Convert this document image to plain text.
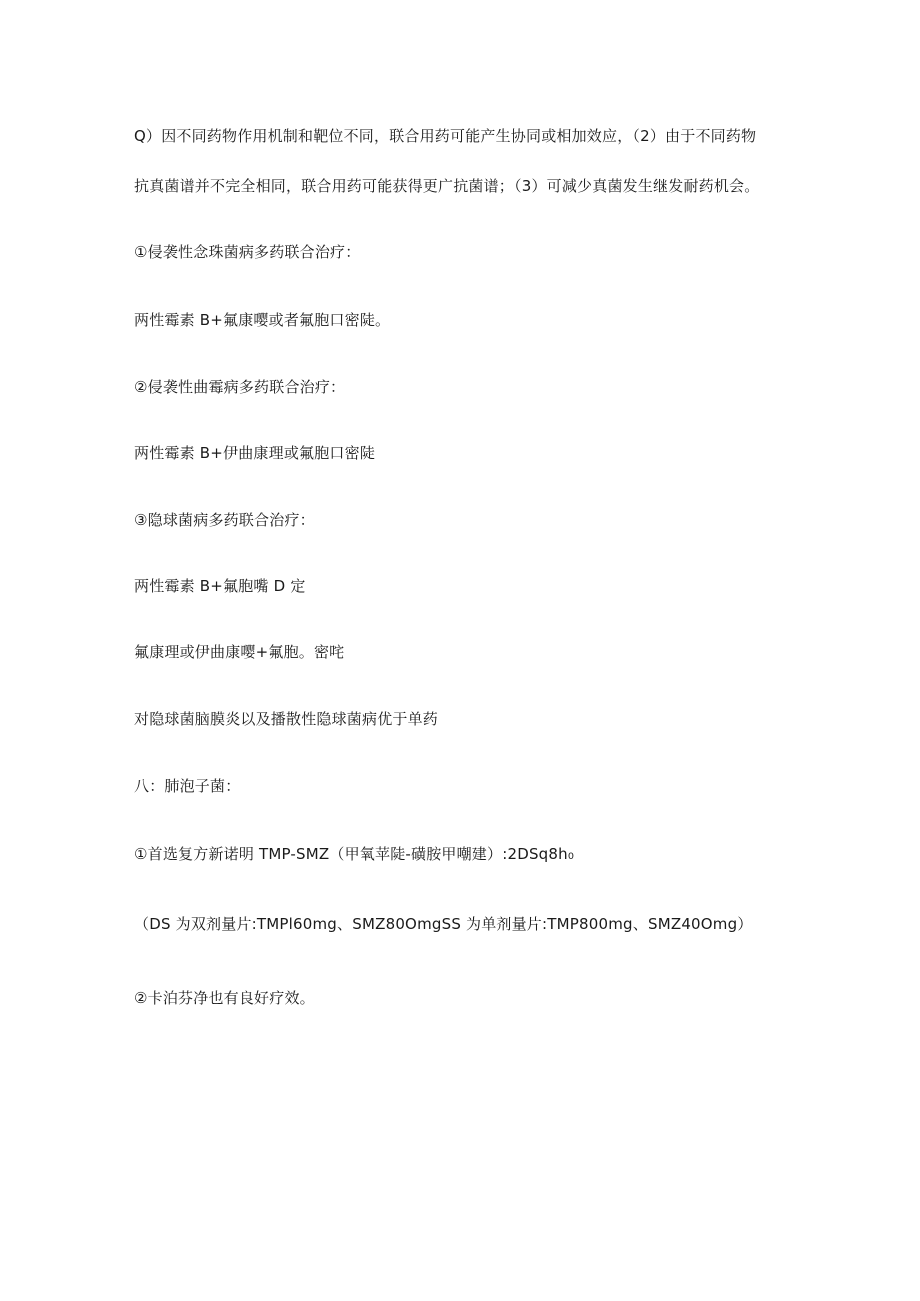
Q）因不同药物作用机制和靶位不同，联合用药可能产生协同或相加效应，（2）由于不同药物
抗真菌谱并不完全相同，联合用药可能获得更广抗菌谱；（3）可减少真菌发生继发耐药机会。
①侵袭性念珠菌病多药联合治疗：
两性霉素 B+氟康嘤或者氟胞口密陡。
②侵袭性曲霉病多药联合治疗：
两性霉素 B+伊曲康理或氟胞口密陡
③隐球菌病多药联合治疗：
两性霉素 B+氟胞嘴 D 定
氟康理或伊曲康嘤+氟胞。密咤
对隐球菌脑膜炎以及播散性隐球菌病优于单药
八：肺泡子菌：
①首选复方新诺明 TMP-SMZ（甲氧苹陡-磺胺甲嘲建）:2DSq8h₀
（DS 为双剂量片:TMPl60mg、SMZ80OmgSS 为单剂量片:TMP800mg、SMZ40Omg）
②卡泊芬净也有良好疗效。
